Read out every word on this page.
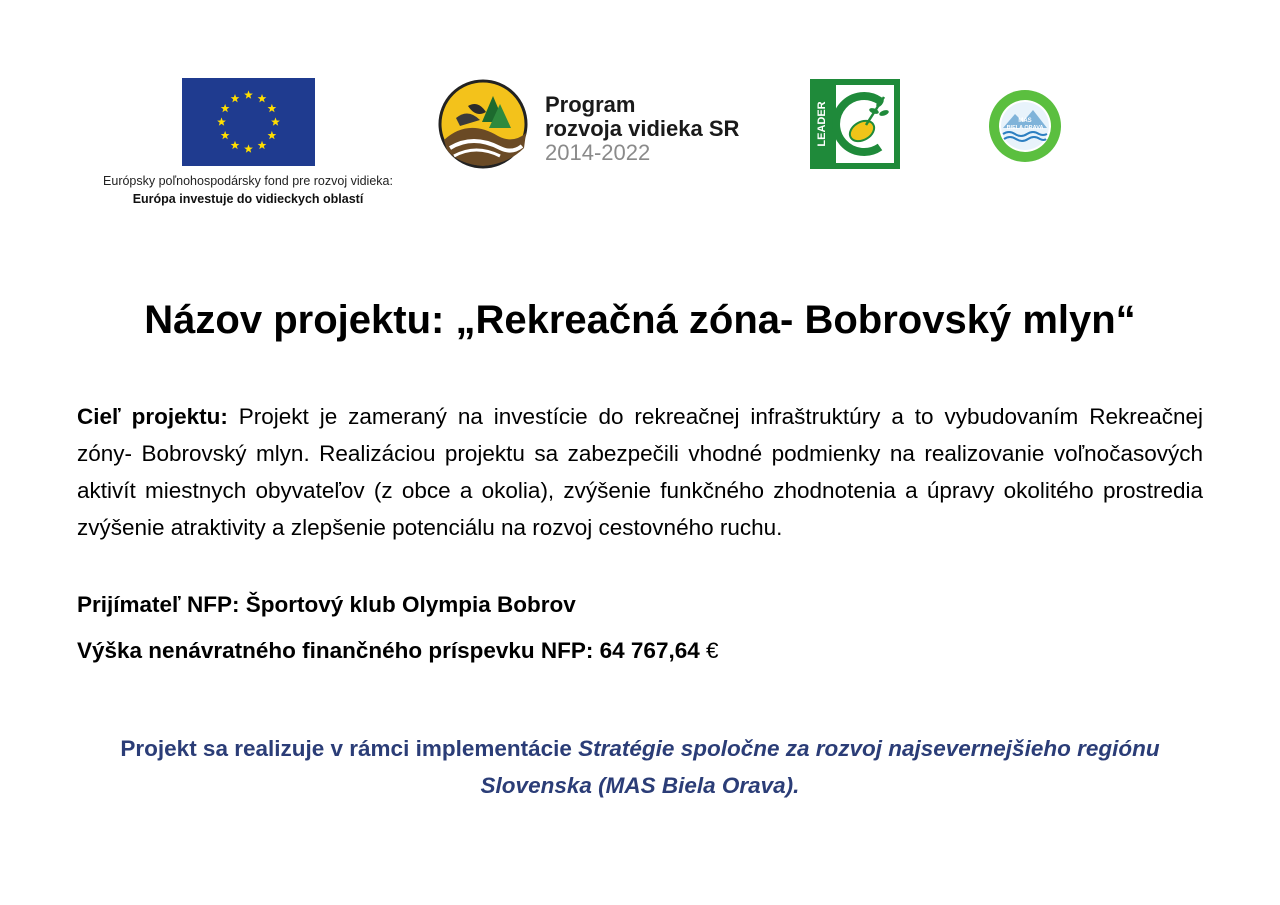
Európsky poľnohospodársky fond pre rozvoj vidieka:
Európa investuje do vidieckych oblastí
Program
rozvoja vidieka SR
2014-2022
LEADER	MAS
BIELA ORAVA
MIESTNA AKČNÁ SKUPINA BIELA ORAVA
Názov projektu: „Rekreačná zóna- Bobrovský mlyn“
Cieľ projektu: Projekt je zameraný na investície do rekreačnej infraštruktúry a to vybudovaním Rekreačnej zóny- Bobrovský mlyn. Realizáciou projektu sa zabezpečili vhodné podmienky na realizovanie voľnočasových aktivít miestnych obyvateľov (z obce a okolia), zvýšenie funkčného zhodnotenia a úpravy okolitého prostredia zvýšenie atraktivity a zlepšenie potenciálu na rozvoj cestovného ruchu.
Prijímateľ NFP: Športový klub Olympia Bobrov
Výška nenávratného finančného príspevku NFP: 64 767,64 €
Projekt sa realizuje v rámci implementácie Stratégie spoločne za rozvoj najsevernejšieho regiónu
Slovenska (MAS Biela Orava).
